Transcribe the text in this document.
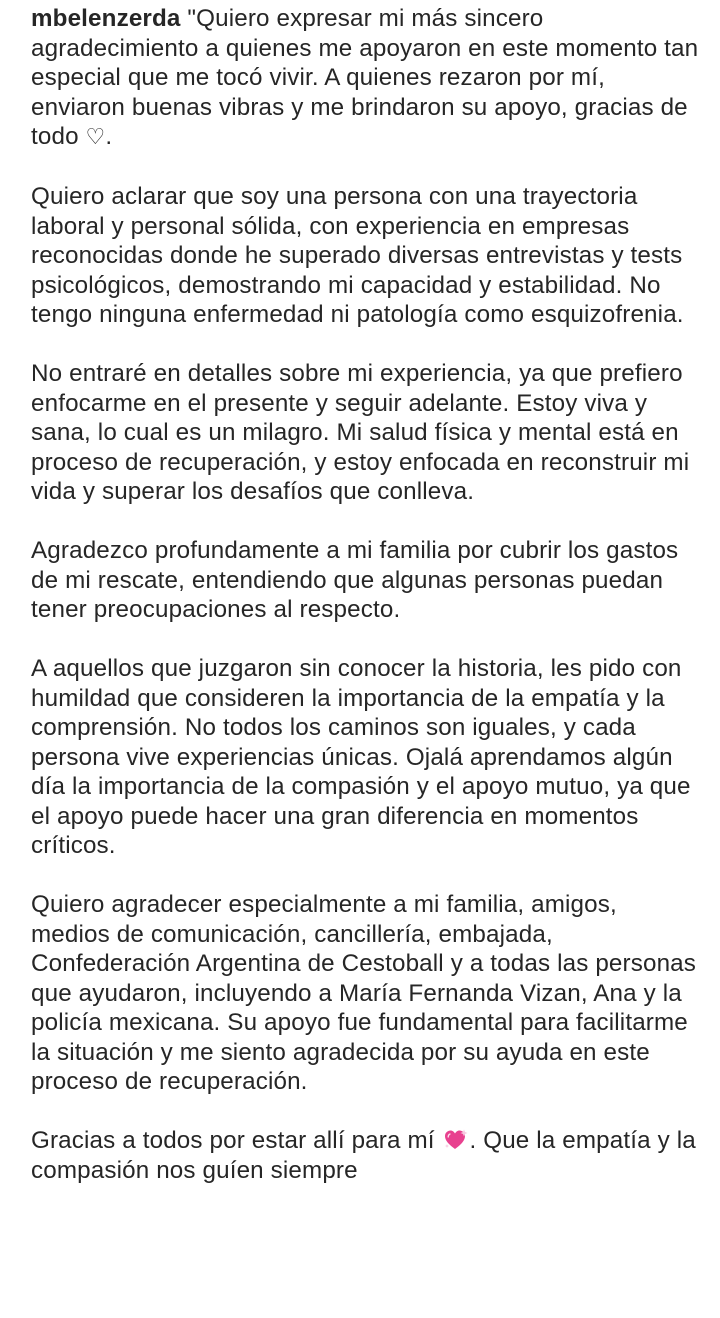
mbelenzerda "Quiero expresar mi más sincero agradecimiento a quienes me apoyaron en este momento tan especial que me tocó vivir. A quienes rezaron por mí, enviaron buenas vibras y me brindaron su apoyo, gracias de todo ♡.

Quiero aclarar que soy una persona con una trayectoria laboral y personal sólida, con experiencia en empresas reconocidas donde he superado diversas entrevistas y tests psicológicos, demostrando mi capacidad y estabilidad. No tengo ninguna enfermedad ni patología como esquizofrenia.

No entraré en detalles sobre mi experiencia, ya que prefiero enfocarme en el presente y seguir adelante. Estoy viva y sana, lo cual es un milagro. Mi salud física y mental está en proceso de recuperación, y estoy enfocada en reconstruir mi vida y superar los desafíos que conlleva.

Agradezco profundamente a mi familia por cubrir los gastos de mi rescate, entendiendo que algunas personas puedan tener preocupaciones al respecto.

A aquellos que juzgaron sin conocer la historia, les pido con humildad que consideren la importancia de la empatía y la comprensión. No todos los caminos son iguales, y cada persona vive experiencias únicas. Ojalá aprendamos algún día la importancia de la compasión y el apoyo mutuo, ya que el apoyo puede hacer una gran diferencia en momentos críticos.

Quiero agradecer especialmente a mi familia, amigos, medios de comunicación, cancillería, embajada, Confederación Argentina de Cestoball y a todas las personas que ayudaron, incluyendo a María Fernanda Vizan, Ana y la policía mexicana. Su apoyo fue fundamental para facilitarme la situación y me siento agradecida por su ayuda en este proceso de recuperación.

Gracias a todos por estar allí para mí . Que la empatía y la compasión nos guíen siempre
